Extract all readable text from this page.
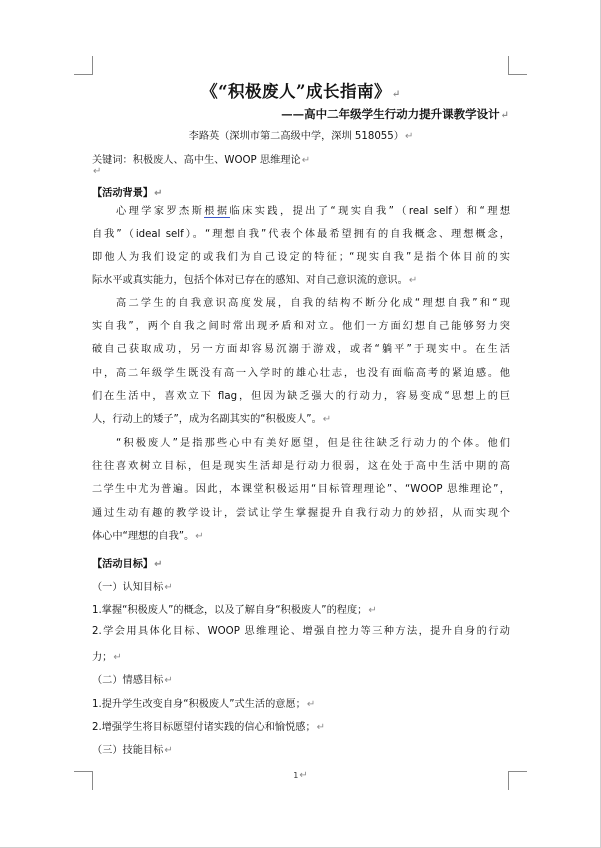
《“积极废人”成长指南》↵
——高中二年级学生行动力提升课教学设计↵
李路英（深圳市第二高级中学，深圳 518055）↵
关键词：积极废人、高中生、WOOP 思维理论↵
↵
【活动背景】↵
心理学家罗杰斯根据临床实践，提出了“现实自我”（real self）和“理想
自我”（ideal self）。“理想自我”代表个体最希望拥有的自我概念、理想概念，
即他人为我们设定的或我们为自己设定的特征；“现实自我”是指个体目前的实
际水平或真实能力，包括个体对已存在的感知、对自己意识流的意识。↵
高二学生的自我意识高度发展，自我的结构不断分化成“理想自我”和“现
实自我”，两个自我之间时常出现矛盾和对立。他们一方面幻想自己能够努力突
破自己获取成功，另一方面却容易沉溺于游戏，或者“躺平”于现实中。在生活
中，高二年级学生既没有高一入学时的雄心壮志，也没有面临高考的紧迫感。他
们在生活中，喜欢立下 flag，但因为缺乏强大的行动力，容易变成“思想上的巨
人，行动上的矮子”，成为名副其实的“积极废人”。↵
“积极废人”是指那些心中有美好愿望，但是往往缺乏行动力的个体。他们
往往喜欢树立目标，但是现实生活却是行动力很弱，这在处于高中生活中期的高
二学生中尤为普遍。因此，本课堂积极运用“目标管理理论”、“WOOP 思维理论”，
通过生动有趣的教学设计，尝试让学生掌握提升自我行动力的妙招，从而实现个
体心中“理想的自我”。↵
【活动目标】↵
（一）认知目标↵
1.掌握“积极废人”的概念，以及了解自身“积极废人”的程度；↵
2.学会用具体化目标、WOOP 思维理论、增强自控力等三种方法，提升自身的行动
力；↵
（二）情感目标↵
1.提升学生改变自身“积极废人”式生活的意愿；↵
2.增强学生将目标愿望付诸实践的信心和愉悦感；↵
（三）技能目标↵
1↵
